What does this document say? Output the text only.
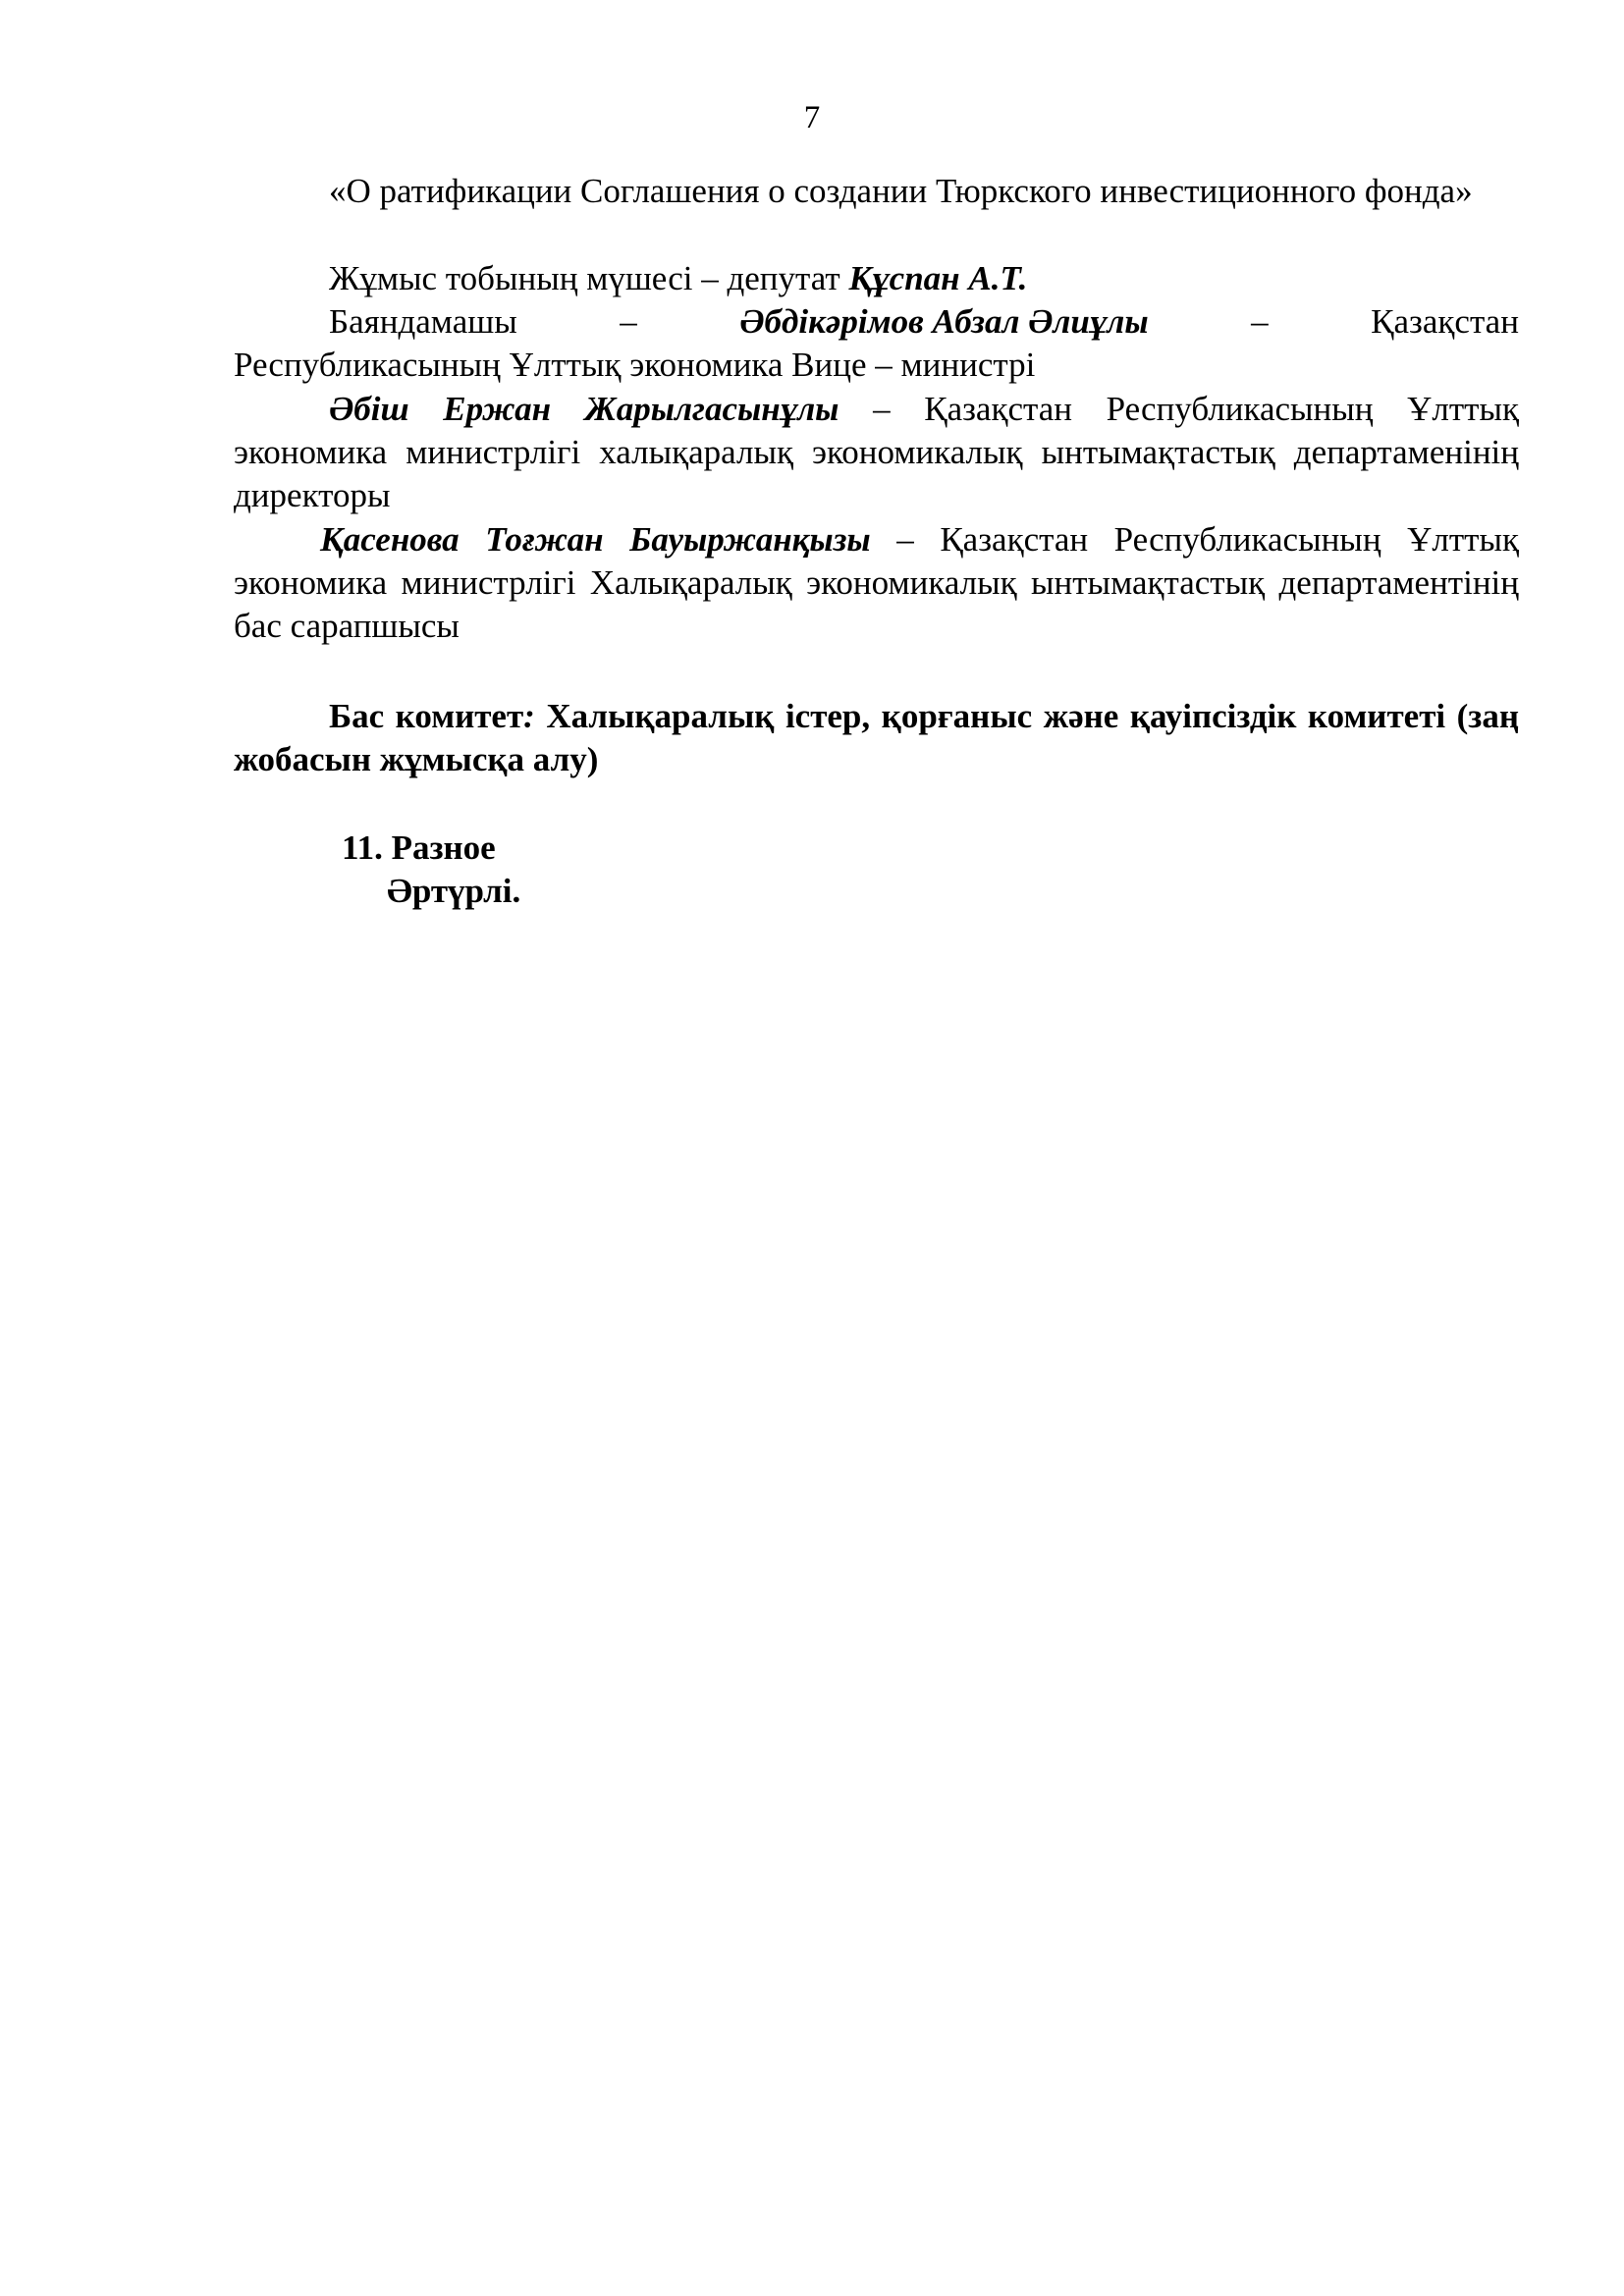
7

«О ратификации Соглашения о создании Тюркского инвестиционного фонда»

Жұмыс тобының мүшесі – депутат Құспан А.Т.

Баяндамашы	–	Әбдікәрімов Абзал Әлиұлы	–	Қазақстан

Республикасының Ұлттық экономика Вице – министрі

Әбіш Ержан Жарылгасынұлы – Қазақстан Республикасының Ұлттық экономика министрлігі халықаралық экономикалық ынтымақтастық департаменінің директоры

Қасенова Тоғжан Бауыржанқызы – Қазақстан Республикасының Ұлттық экономика министрлігі Халықаралық экономикалық ынтымақтастық департаментінің бас сарапшысы

Бас комитет: Халықаралық істер, қорғаныс және қауіпсіздік комитеті (заң жобасын жұмысқа алу)

11. Разное
Әртүрлі.
